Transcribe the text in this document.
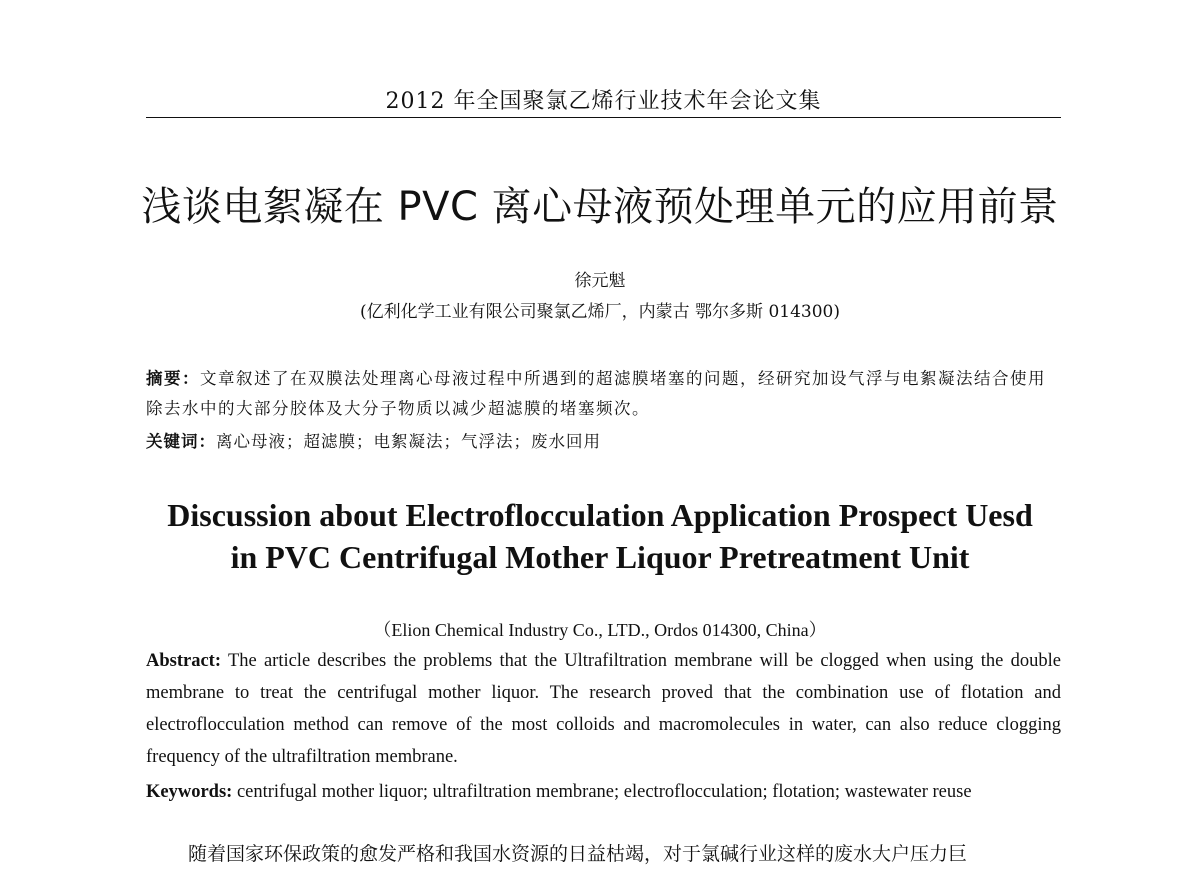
2012 年全国聚氯乙烯行业技术年会论文集
浅谈电絮凝在 PVC 离心母液预处理单元的应用前景
徐元魁
(亿利化学工业有限公司聚氯乙烯厂，内蒙古 鄂尔多斯 014300)
摘要：文章叙述了在双膜法处理离心母液过程中所遇到的超滤膜堵塞的问题，经研究加设气浮与电絮凝法结合使用除去水中的大部分胶体及大分子物质以减少超滤膜的堵塞频次。
关键词：离心母液；超滤膜；电絮凝法；气浮法；废水回用
Discussion about Electroflocculation Application Prospect Uesd
in PVC Centrifugal Mother Liquor Pretreatment Unit
（Elion Chemical Industry Co., LTD., Ordos 014300, China）
Abstract: The article describes the problems that the Ultrafiltration membrane will be clogged when using the double membrane to treat the centrifugal mother liquor. The research proved that the combination use of flotation and electroflocculation method can remove of the most colloids and macromolecules in water, can also reduce clogging frequency of the ultrafiltration membrane.
Keywords: centrifugal mother liquor; ultrafiltration membrane; electroflocculation; flotation; wastewater reuse
随着国家环保政策的愈发严格和我国水资源的日益枯竭，对于氯碱行业这样的废水大户压力巨
